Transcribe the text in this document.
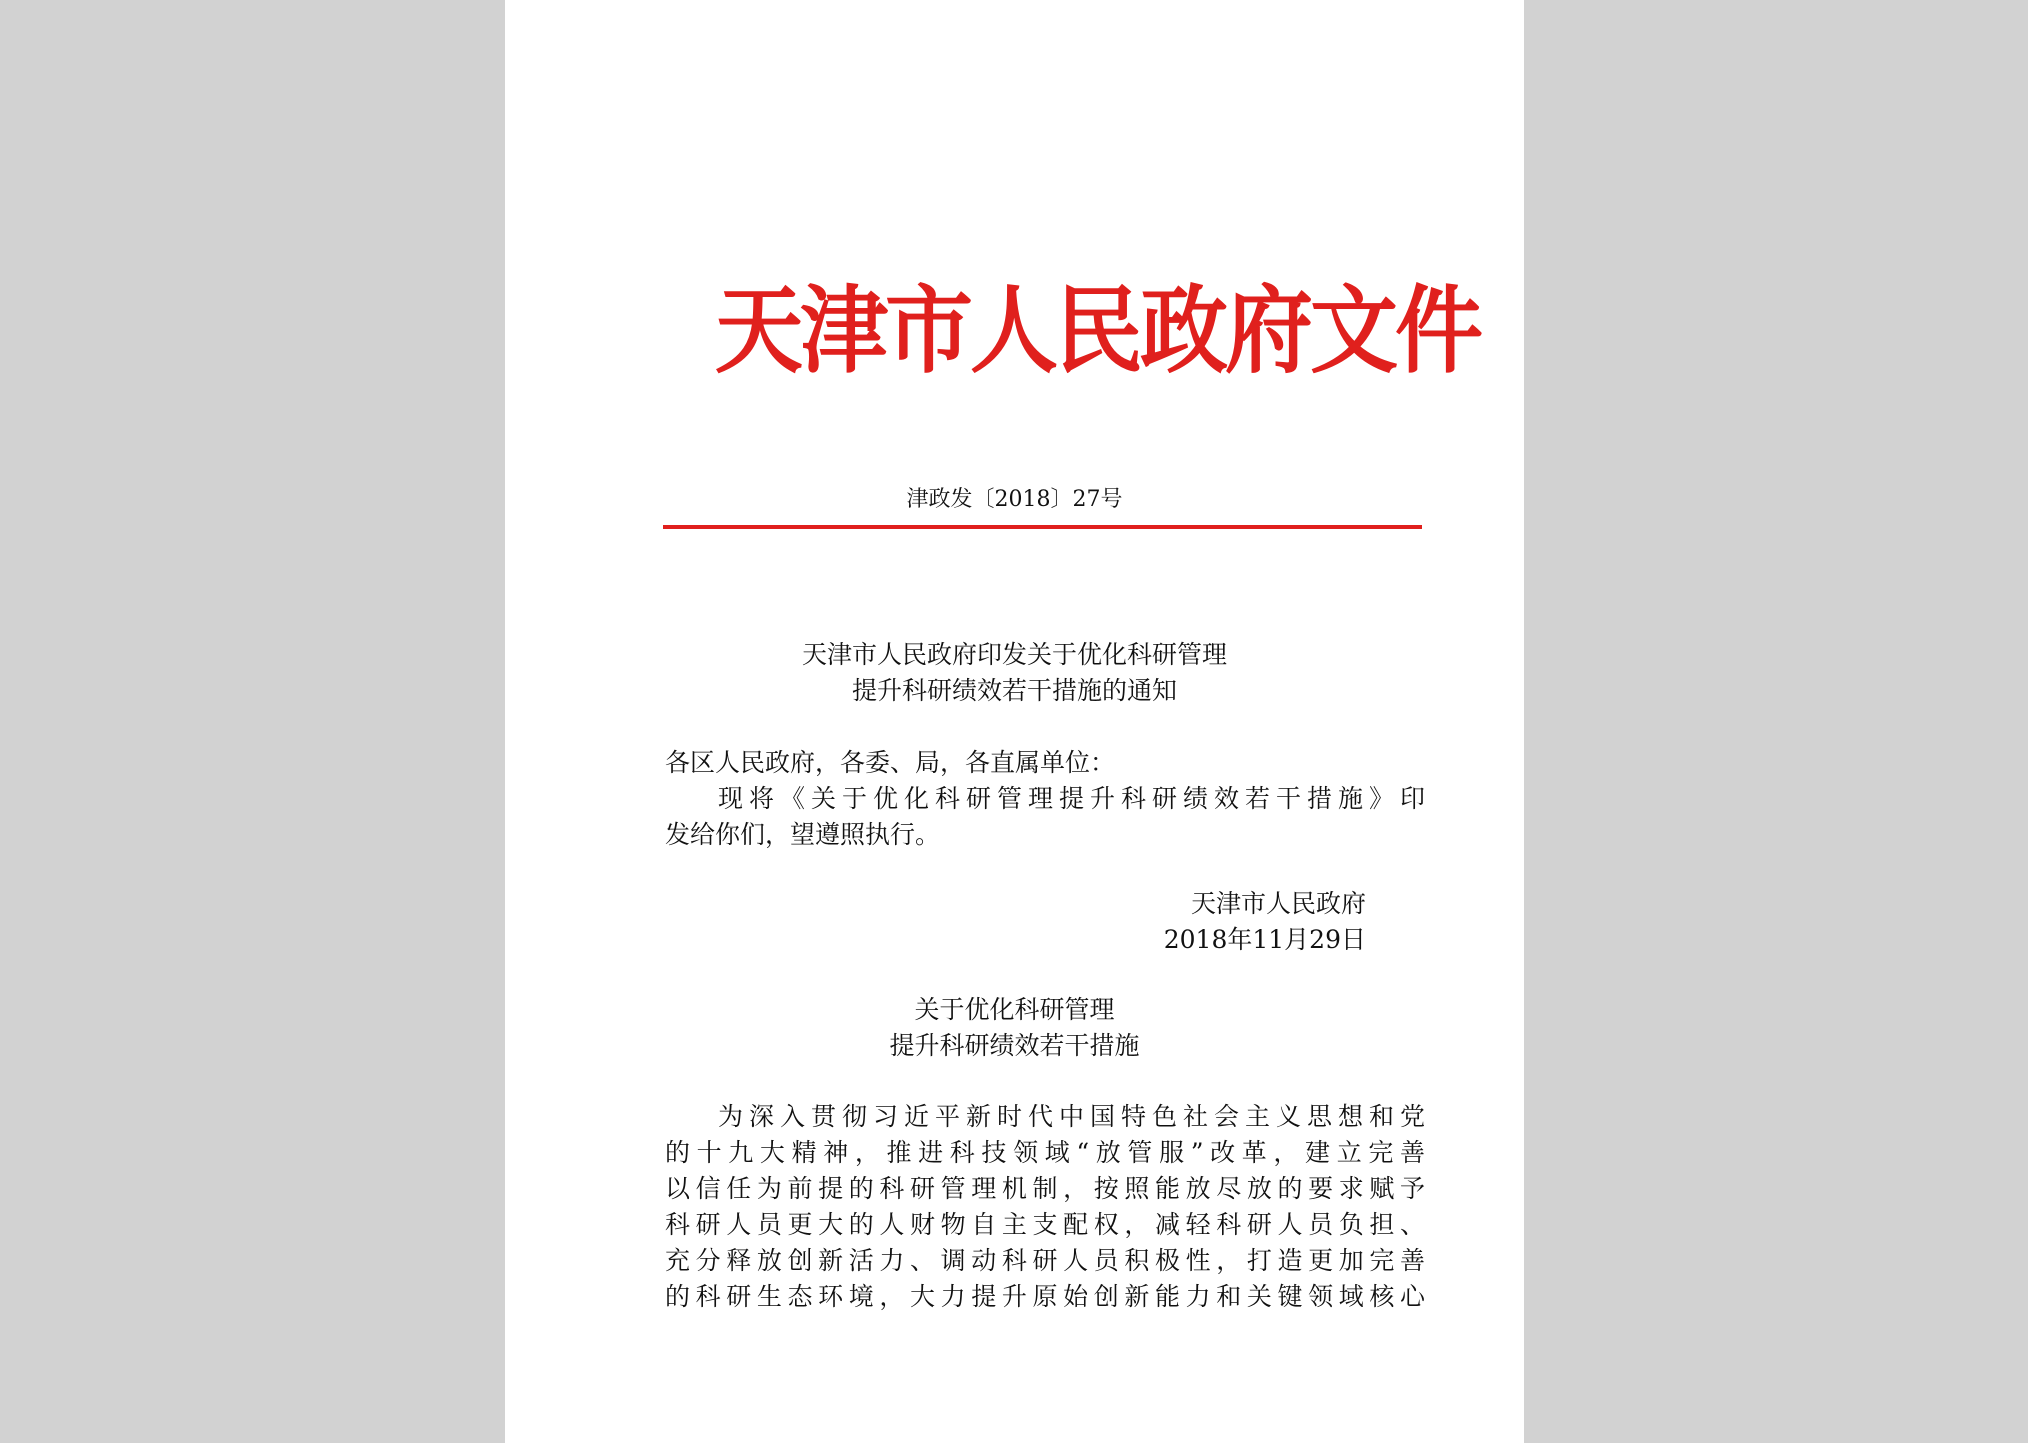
天津市人民政府文件
津政发〔2018〕27号
天津市人民政府印发关于优化科研管理
提升科研绩效若干措施的通知
各区人民政府，各委、局，各直属单位：
现将《关于优化科研管理提升科研绩效若干措施》印
发给你们，望遵照执行。
天津市人民政府
2018年11月29日
关于优化科研管理
提升科研绩效若干措施
为深入贯彻习近平新时代中国特色社会主义思想和党
的十九大精神，推进科技领域“放管服”改革，建立完善
以信任为前提的科研管理机制，按照能放尽放的要求赋予
科研人员更大的人财物自主支配权，减轻科研人员负担、
充分释放创新活力、调动科研人员积极性，打造更加完善
的科研生态环境，大力提升原始创新能力和关键领域核心
